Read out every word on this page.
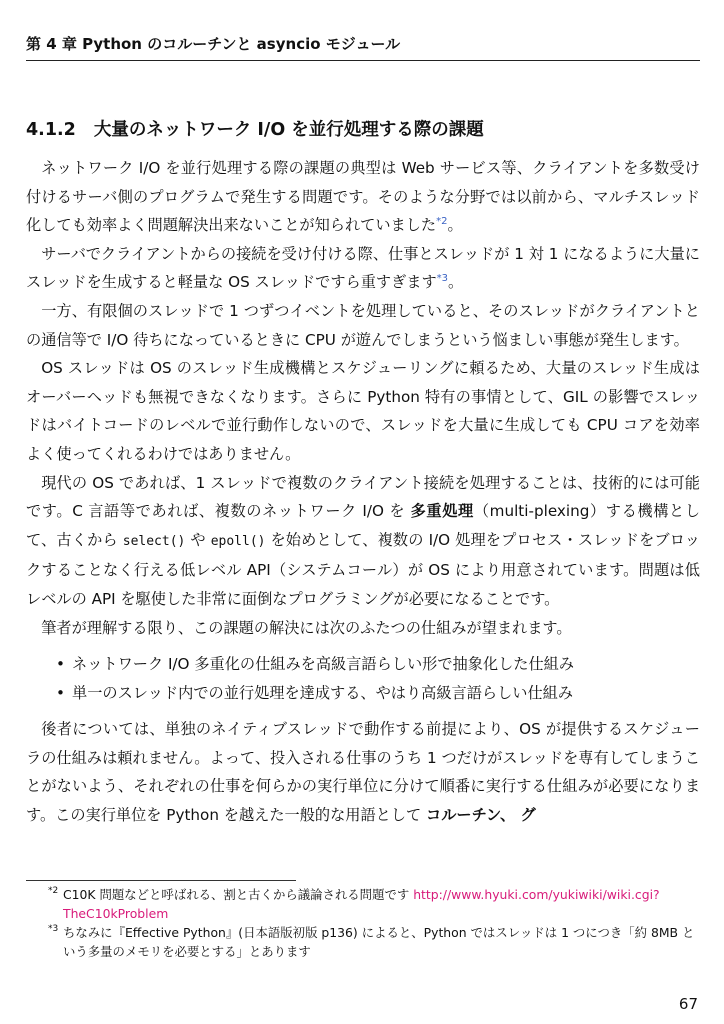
第 4 章 Python のコルーチンと asyncio モジュール
4.1.2 大量のネットワーク I/O を並行処理する際の課題

ネットワーク I/O を並行処理する際の課題の典型は Web サービス等、クライアントを多数受け付けるサーバ側のプログラムで発生する問題です。そのような分野では以前から、マルチスレッド化しても効率よく問題解決出来ないことが知られていました$^{*2}$。

サーバでクライアントからの接続を受け付ける際、仕事とスレッドが 1 対 1 になるように大量にスレッドを生成すると軽量な OS スレッドですら重すぎます$^{*3}$。

一方、有限個のスレッドで 1 つずつイベントを処理していると、そのスレッドがクライアントとの通信等で I/O 待ちになっているときに CPU が遊んでしまうという悩ましい事態が発生します。

OS スレッドは OS のスレッド生成機構とスケジューリングに頼るため、大量のスレッド生成はオーバーヘッドも無視できなくなります。さらに Python 特有の事情として、GIL の影響でスレッドはバイトコードのレベルで並行動作しないので、スレッドを大量に生成しても CPU コアを効率よく使ってくれるわけではありません。

現代の OS であれば、1 スレッドで複数のクライアント接続を処理することは、技術的には可能です。C 言語等であれば、複数のネットワーク I/O を 多重処理（multi-plexing）する機構として、古くから select() や epoll() を始めとして、複数の I/O 処理をプロセス・スレッドをブロックすることなく行える低レベル API（システムコール）が OS により用意されています。問題は低レベルの API を駆使した非常に面倒なプログラミングが必要になることです。

筆者が理解する限り、この課題の解決には次のふたつの仕組みが望まれます。

• ネットワーク I/O 多重化の仕組みを高級言語らしい形で抽象化した仕組み
• 単一のスレッド内での並行処理を達成する、やはり高級言語らしい仕組み

後者については、単独のネイティブスレッドで動作する前提により、OS が提供するスケジューラの仕組みは頼れません。よって、投入される仕事のうち 1 つだけがスレッドを専有してしまうことがないよう、それぞれの仕事を何らかの実行単位に分けて順番に実行する仕組みが必要になります。この実行単位を Python を越えた一般的な用語として コルーチン、 グ

*2 C10K 問題などと呼ばれる、割と古くから議論される問題です http://www.hyuki.com/yukiwiki/wiki.cgi?TheC10kProblem
*3 ちなみに『Effective Python』(日本語版初版 p136) によると、Python ではスレッドは 1 つにつき「約 8MB という多量のメモリを必要とする」とあります
67
